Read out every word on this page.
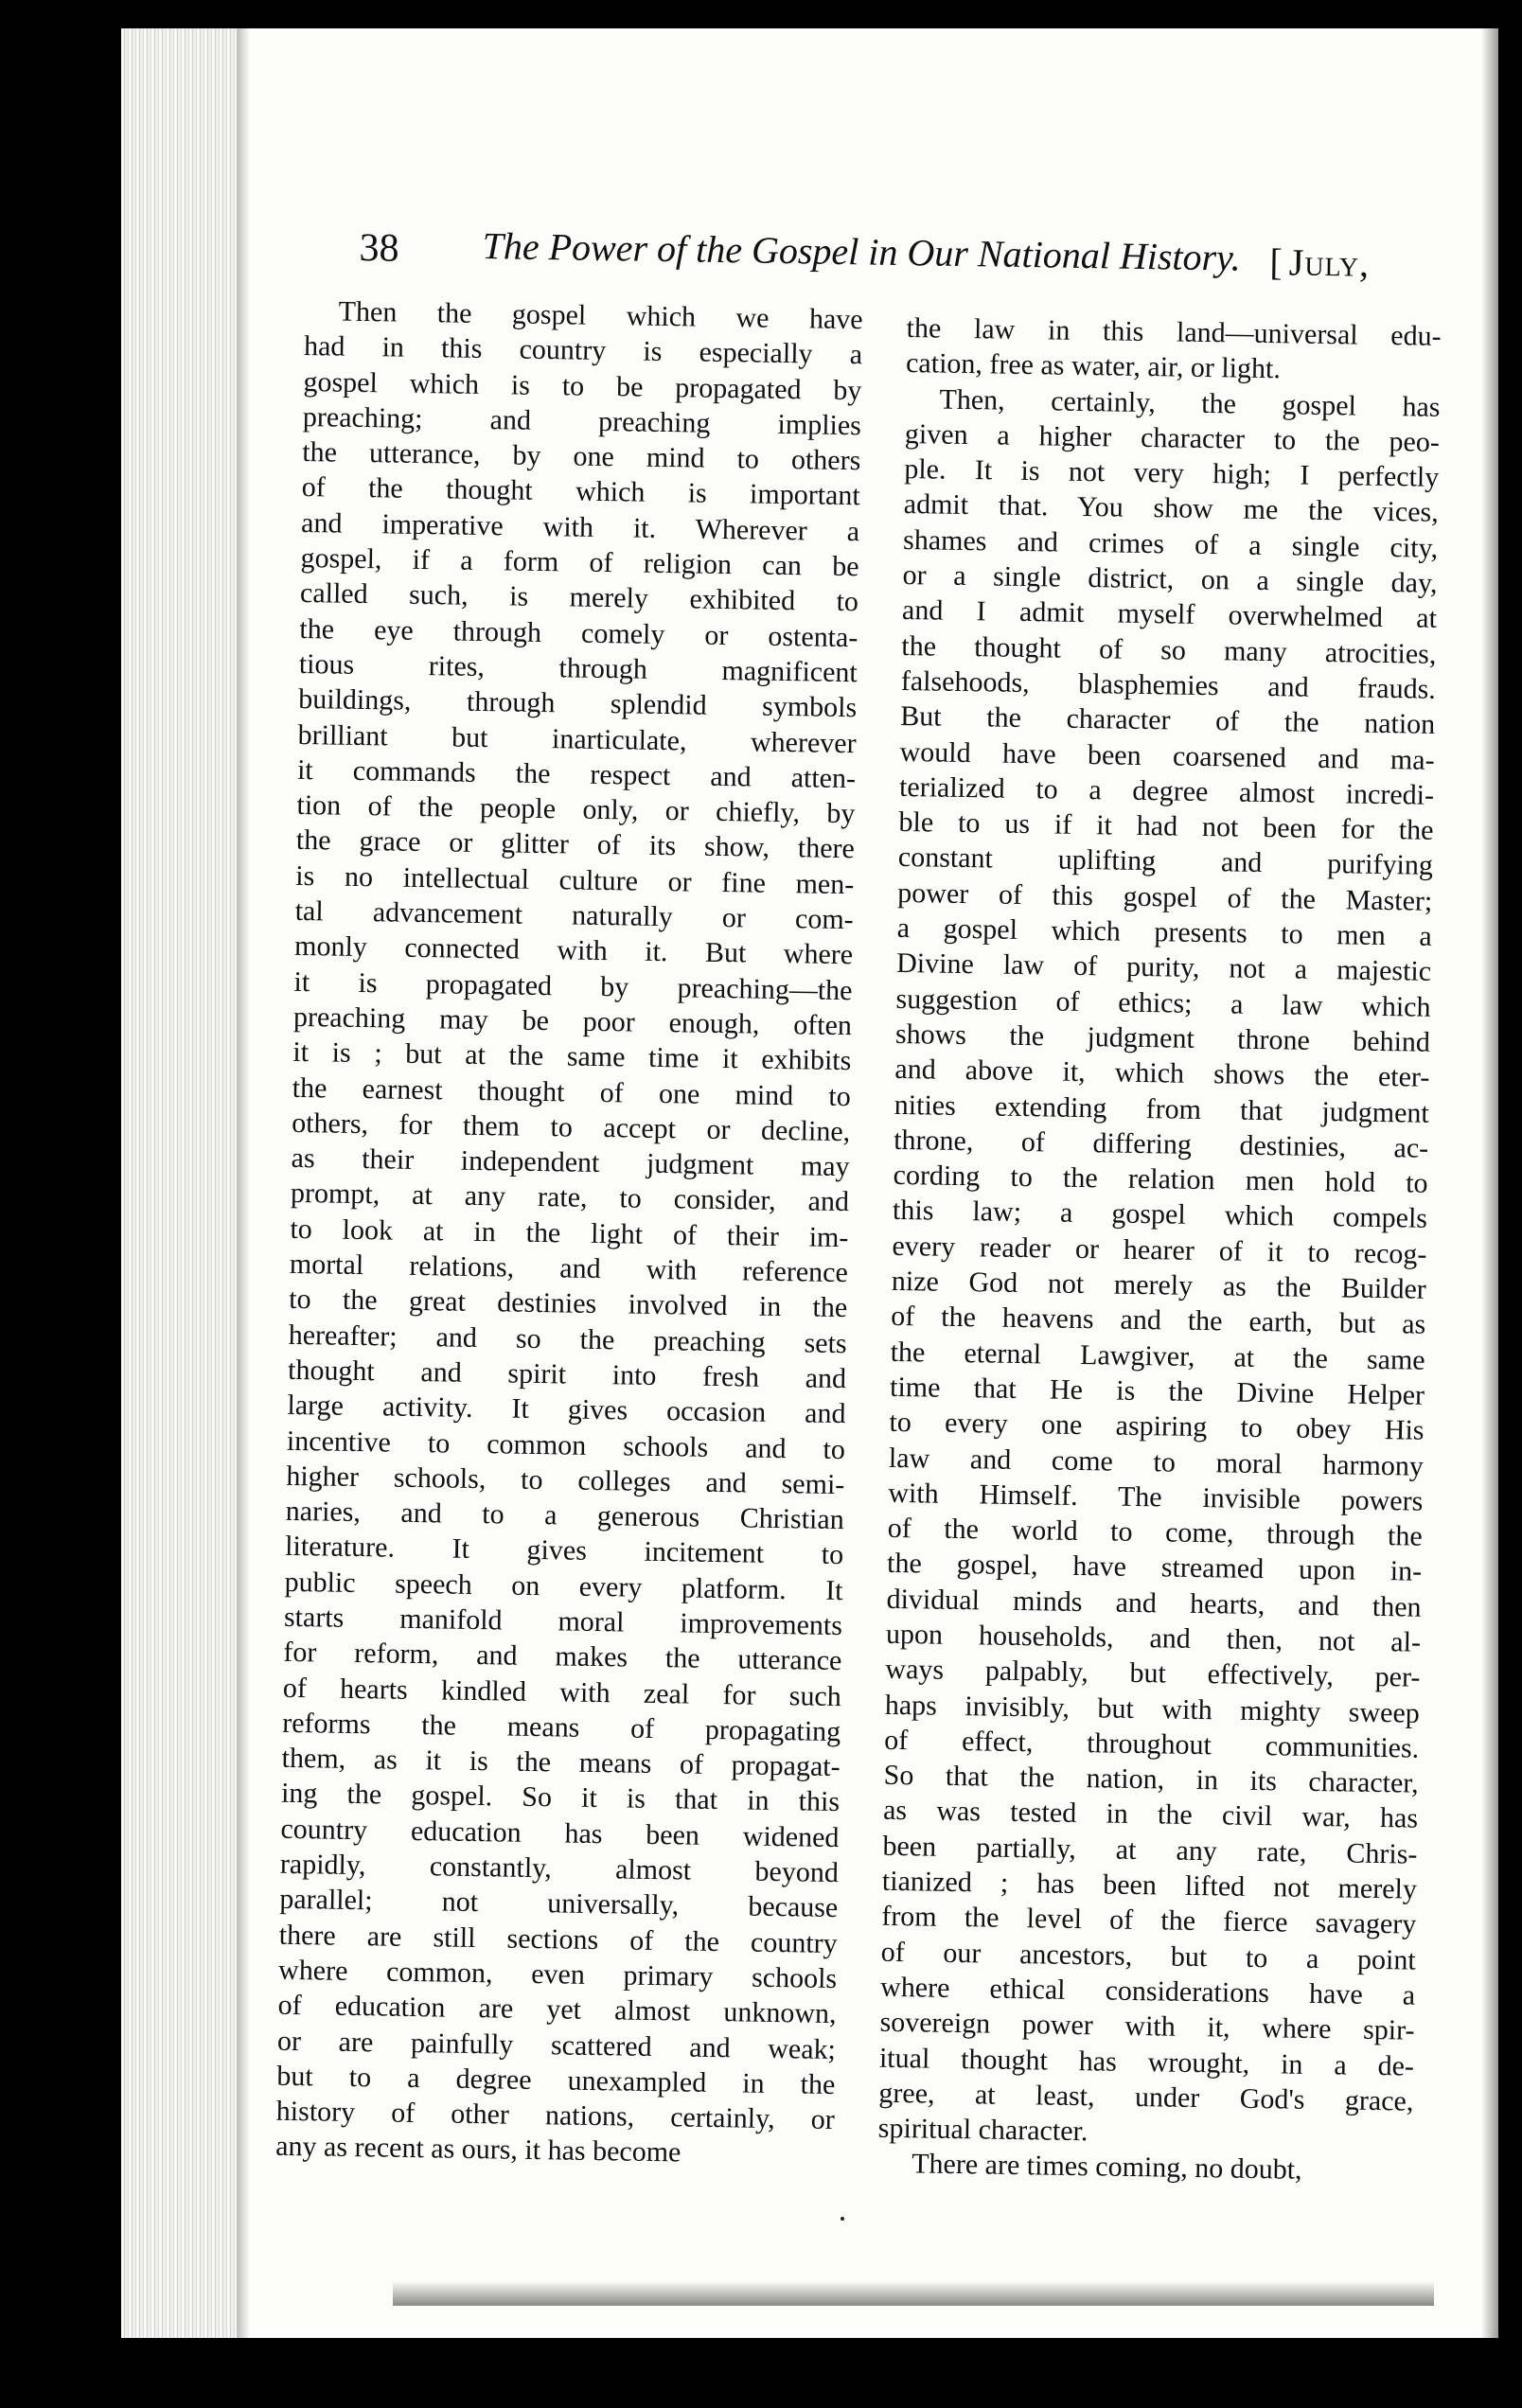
38 The Power of the Gospel in Our National History. [ July,
Then the gospel which we have
had in this country is especially a
gospel which is to be propagated by
preaching; and preaching implies
the utterance, by one mind to others
of the thought which is important
and imperative with it. Wherever a
gospel, if a form of religion can be
called such, is merely exhibited to
the eye through comely or ostenta-
tious rites, through magnificent
buildings, through splendid symbols
brilliant but inarticulate, wherever
it commands the respect and atten-
tion of the people only, or chiefly, by
the grace or glitter of its show, there
is no intellectual culture or fine men-
tal advancement naturally or com-
monly connected with it. But where
it is propagated by preaching—the
preaching may be poor enough, often
it is ; but at the same time it exhibits
the earnest thought of one mind to
others, for them to accept or decline,
as their independent judgment may
prompt, at any rate, to consider, and
to look at in the light of their im-
mortal relations, and with reference
to the great destinies involved in the
hereafter; and so the preaching sets
thought and spirit into fresh and
large activity. It gives occasion and
incentive to common schools and to
higher schools, to colleges and semi-
naries, and to a generous Christian
literature. It gives incitement to
public speech on every platform. It
starts manifold moral improvements
for reform, and makes the utterance
of hearts kindled with zeal for such
reforms the means of propagating
them, as it is the means of propagat-
ing the gospel. So it is that in this
country education has been widened
rapidly, constantly, almost beyond
parallel; not universally, because
there are still sections of the country
where common, even primary schools
of education are yet almost unknown,
or are painfully scattered and weak;
but to a degree unexampled in the
history of other nations, certainly, or
any as recent as ours, it has become
the law in this land—universal edu-
cation, free as water, air, or light.
Then, certainly, the gospel has
given a higher character to the peo-
ple. It is not very high; I perfectly
admit that. You show me the vices,
shames and crimes of a single city,
or a single district, on a single day,
and I admit myself overwhelmed at
the thought of so many atrocities,
falsehoods, blasphemies and frauds.
But the character of the nation
would have been coarsened and ma-
terialized to a degree almost incredi-
ble to us if it had not been for the
constant uplifting and purifying
power of this gospel of the Master;
a gospel which presents to men a
Divine law of purity, not a majestic
suggestion of ethics; a law which
shows the judgment throne behind
and above it, which shows the eter-
nities extending from that judgment
throne, of differing destinies, ac-
cording to the relation men hold to
this law; a gospel which compels
every reader or hearer of it to recog-
nize God not merely as the Builder
of the heavens and the earth, but as
the eternal Lawgiver, at the same
time that He is the Divine Helper
to every one aspiring to obey His
law and come to moral harmony
with Himself. The invisible powers
of the world to come, through the
the gospel, have streamed upon in-
dividual minds and hearts, and then
upon households, and then, not al-
ways palpably, but effectively, per-
haps invisibly, but with mighty sweep
of effect, throughout communities.
So that the nation, in its character,
as was tested in the civil war, has
been partially, at any rate, Chris-
tianized ; has been lifted not merely
from the level of the fierce savagery
of our ancestors, but to a point
where ethical considerations have a
sovereign power with it, where spir-
itual thought has wrought, in a de-
gree, at least, under God's grace,
spiritual character.
There are times coming, no doubt,
